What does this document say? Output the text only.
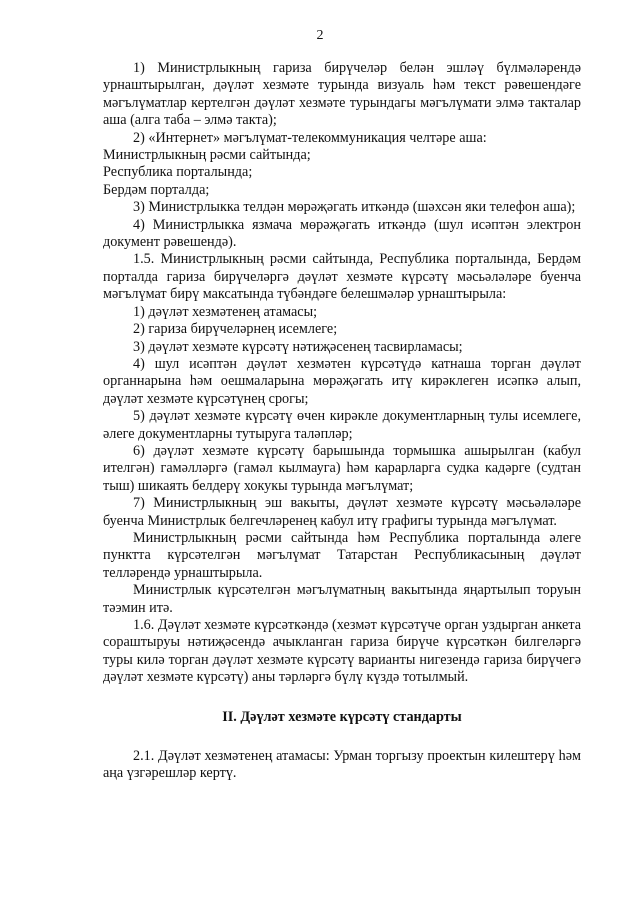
2

1) Министрлыкның гариза бирүчеләр белән эшләү бүлмәләрендә урнаштырылган, дәүләт хезмәте турында визуаль һәм текст рәвешендәге мәгълүматлар кертелгән дәүләт хезмәте турындагы мәгълүмати элмә такталар аша (алга таба – элмә такта);

2) «Интернет» мәгълүмат-телекоммуникация челтәре аша:

Министрлыкның рәсми сайтында;

Республика порталында;

Бердәм порталда;

3) Министрлыкка телдән мөрәҗәгать иткәндә (шәхсән яки телефон аша);

4) Министрлыкка язмача мөрәҗәгать иткәндә (шул исәптән электрон документ рәвешендә).

1.5. Министрлыкның рәсми сайтында, Республика порталында, Бердәм порталда гариза бирүчеләргә дәүләт хезмәте күрсәтү мәсьәләләре буенча мәгълүмат бирү максатында түбәндәге белешмәләр урнаштырыла:

1) дәүләт хезмәтенең атамасы;

2) гариза бирүчеләрнең исемлеге;

3) дәүләт хезмәте күрсәтү нәтиҗәсенең тасвирламасы;

4) шул исәптән дәүләт хезмәтен күрсәтүдә катнаша торган дәүләт органнарына һәм оешмаларына мөрәҗәгать итү кирәклеген исәпкә алып, дәүләт хезмәте күрсәтүнең срогы;

5) дәүләт хезмәте күрсәтү өчен кирәкле документларның тулы исемлеге, әлеге документларны тутыруга таләпләр;

6) дәүләт хезмәте күрсәтү барышында тормышка ашырылган (кабул ителгән) гамәлләргә (гамәл кылмауга) һәм карарларга судка кадәрге (судтан тыш) шикаять белдерү хокукы турында мәгълүмат;

7) Министрлыкның эш вакыты, дәүләт хезмәте күрсәтү мәсьәләләре буенча Министрлык белгечләренең кабул итү графигы турында мәгълүмат.

Министрлыкның рәсми сайтында һәм Республика порталында әлеге пунктта күрсәтелгән мәгълүмат Татарстан Республикасының дәүләт телләрендә урнаштырыла.

Министрлык күрсәтелгән мәгълүматның вакытында яңартылып торуын тәэмин итә.

1.6. Дәүләт хезмәте күрсәткәндә (хезмәт күрсәтүче орган уздырган анкета сораштыруы нәтиҗәсендә ачыкланган гариза бирүче күрсәткән билгеләргә туры килә торган дәүләт хезмәте күрсәтү варианты нигезендә гариза бирүчегә дәүләт хезмәте күрсәтү) аны тәрләргә бүлү күздә тотылмый.

II. Дәүләт хезмәте күрсәтү стандарты

2.1. Дәүләт хезмәтенең атамасы: Урман торгызу проектын килештерү һәм аңа үзгәрешләр кертү.
